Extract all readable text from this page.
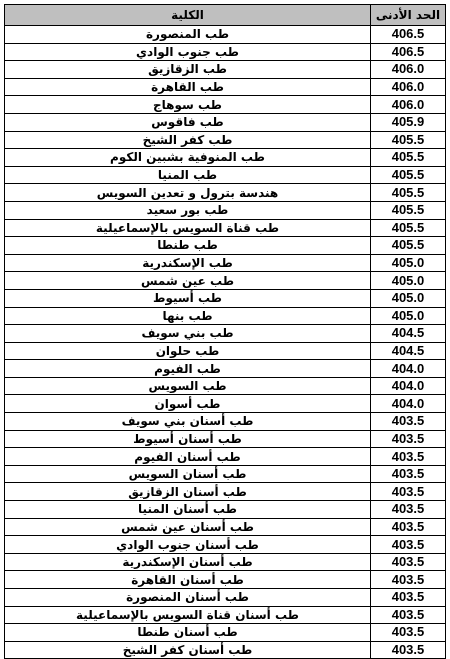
الكلية	الحد الأدنى
طب المنصورة	406.5
طب جنوب الوادي	406.5
طب الزقازيق	406.0
طب القاهرة	406.0
طب سوهاج	406.0
طب فاقوس	405.9
طب كفر الشيخ	405.5
طب المنوفية بشبين الكوم	405.5
طب المنيا	405.5
هندسة بترول و تعدين السويس	405.5
طب بور سعيد	405.5
طب قناة السويس بالإسماعيلية	405.5
طب طنطا	405.5
طب الإسكندرية	405.0
طب عين شمس	405.0
طب أسيوط	405.0
طب بنها	405.0
طب بني سويف	404.5
طب حلوان	404.5
طب الفيوم	404.0
طب السويس	404.0
طب أسوان	404.0
طب أسنان بني سويف	403.5
طب أسنان أسيوط	403.5
طب أسنان الفيوم	403.5
طب أسنان السويس	403.5
طب أسنان الزقازيق	403.5
طب أسنان المنيا	403.5
طب أسنان عين شمس	403.5
طب أسنان جنوب الوادي	403.5
طب أسنان الإسكندرية	403.5
طب أسنان القاهرة	403.5
طب أسنان المنصورة	403.5
طب أسنان قناة السويس بالإسماعيلية	403.5
طب أسنان طنطا	403.5
طب أسنان كفر الشيخ	403.5
